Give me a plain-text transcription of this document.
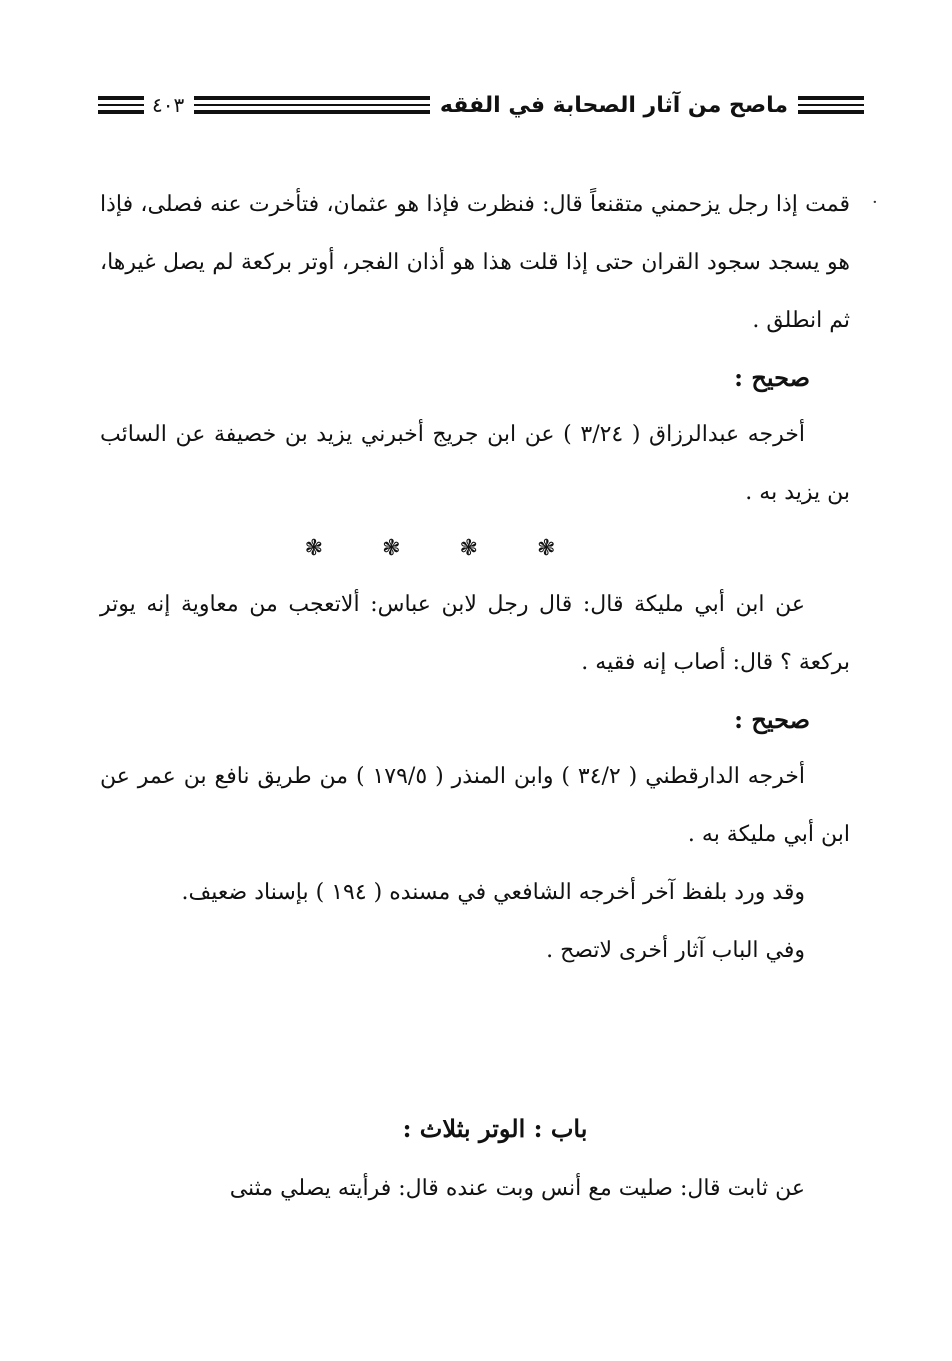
ماصح من آثار الصحابة في الفقه
٤٠٣
·

قمت إذا رجل يزحمني متقنعاً قال: فنظرت فإذا هو عثمان، فتأخرت عنه فصلى، فإذا هو يسجد سجود القران حتى إذا قلت هذا هو أذان الفجر، أوتر بركعة لم يصل غيرها، ثم انطلق .

صحيح :

أخرجه عبدالرزاق ( ٣/٢٤ ) عن ابن جريج أخبرني يزيد بن خصيفة عن السائب بن يزيد به .

❃	❃	❃	❃

عن ابن أبي مليكة قال: قال رجل لابن عباس: ألاتعجب من معاوية إنه يوتر بركعة ؟ قال: أصاب إنه فقيه .

صحيح :

أخرجه الدارقطني ( ٣٤/٢ ) وابن المنذر ( ١٧٩/٥ ) من طريق نافع بن عمر عن ابن أبي مليكة به .

وقد ورد بلفظ آخر أخرجه الشافعي في مسنده ( ١٩٤ ) بإسناد ضعيف.

وفي الباب آثار أخرى لاتصح .

باب : الوتر بثلاث :

عن ثابت قال: صليت مع أنس وبت عنده قال: فرأيته يصلي مثنى
